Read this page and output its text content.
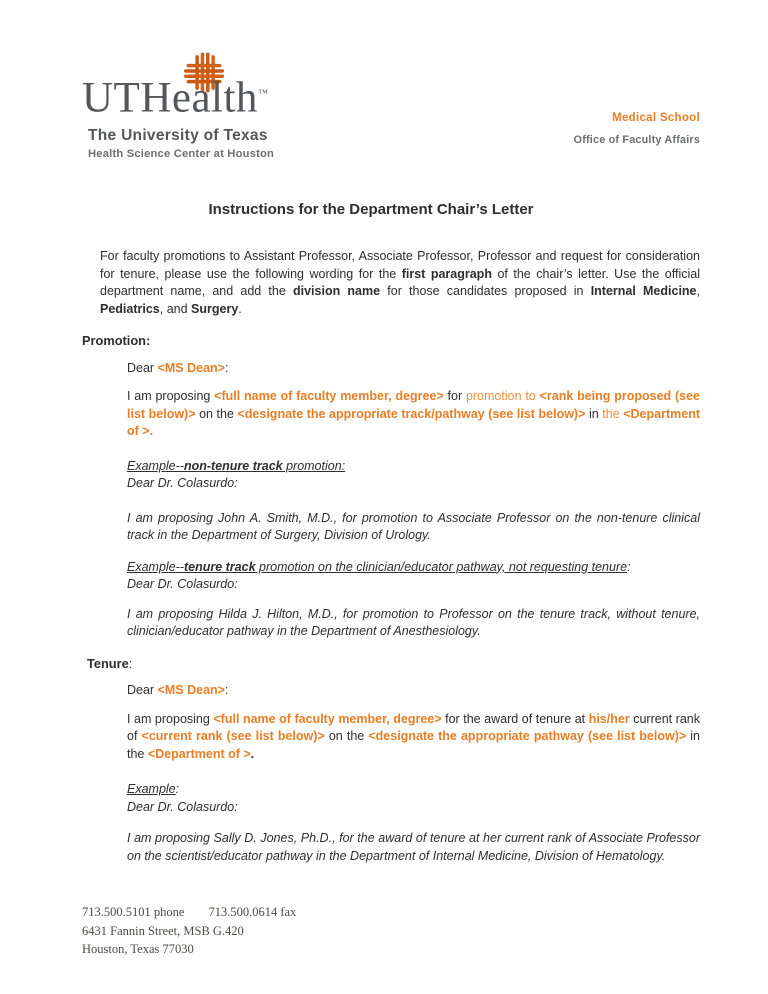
UTHealth™
The University of Texas
Health Science Center at Houston
Medical School
Office of Faculty Affairs
Instructions for the Department Chair’s Letter

For faculty promotions to Assistant Professor, Associate Professor, Professor and request for consideration for tenure, please use the following wording for the first paragraph of the chair’s letter. Use the official department name, and add the division name for those candidates proposed in Internal Medicine, Pediatrics, and Surgery.

Promotion:

Dear <MS Dean>:

I am proposing <full name of faculty member, degree> for promotion to <rank being proposed (see list below)> on the <designate the appropriate track/pathway (see list below)> in the <Department of >.

Example--non-tenure track promotion:

Dear Dr. Colasurdo:

I am proposing John A. Smith, M.D., for promotion to Associate Professor on the non-tenure clinical track in the Department of Surgery, Division of Urology.

Example--tenure track promotion on the clinician/educator pathway, not requesting tenure:

Dear Dr. Colasurdo:

I am proposing Hilda J. Hilton, M.D., for promotion to Professor on the tenure track, without tenure, clinician/educator pathway in the Department of Anesthesiology.

Tenure:

Dear <MS Dean>:

I am proposing <full name of faculty member, degree> for the award of tenure at his/her current rank of <current rank (see list below)> on the <designate the appropriate pathway (see list below)> in the <Department of >.

Example:

Dear Dr. Colasurdo:

I am proposing Sally D. Jones, Ph.D., for the award of tenure at her current rank of Associate Professor on the scientist/educator pathway in the Department of Internal Medicine, Division of Hematology.

713.500.5101 phone 713.500.0614 fax
6431 Fannin Street, MSB G.420
Houston, Texas 77030
